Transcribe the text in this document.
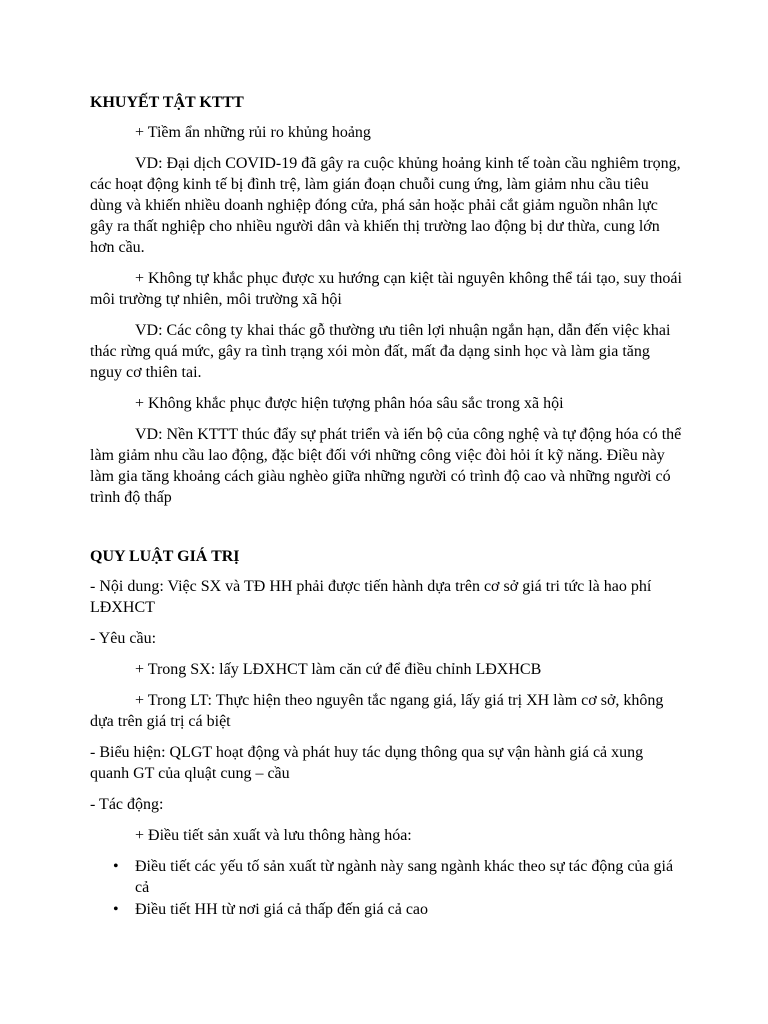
KHUYẾT TẬT KTTT
+ Tiềm ẩn những rủi ro khủng hoảng
VD: Đại dịch COVID-19 đã gây ra cuộc khủng hoảng kinh tế toàn cầu nghiêm trọng, các hoạt động kinh tế bị đình trệ, làm gián đoạn chuỗi cung ứng, làm giảm nhu cầu tiêu dùng và khiến nhiều doanh nghiệp đóng cửa, phá sản hoặc phải cắt giảm nguồn nhân lực gây ra thất nghiệp cho nhiều người dân và khiến thị trường lao động bị dư thừa, cung lớn hơn cầu.
+ Không tự khắc phục được xu hướng cạn kiệt tài nguyên không thể tái tạo, suy thoái môi trường tự nhiên, môi trường xã hội
VD: Các công ty khai thác gỗ thường ưu tiên lợi nhuận ngắn hạn, dẫn đến việc khai thác rừng quá mức, gây ra tình trạng xói mòn đất, mất đa dạng sinh học và làm gia tăng nguy cơ thiên tai.
+ Không khắc phục được hiện tượng phân hóa sâu sắc trong xã hội
VD: Nền KTTT thúc đẩy sự phát triển và iến bộ của công nghệ và tự động hóa có thể làm giảm nhu cầu lao động, đặc biệt đối với những công việc đòi hỏi ít kỹ năng. Điều này làm gia tăng khoảng cách giàu nghèo giữa những người có trình độ cao và những người có trình độ thấp
QUY LUẬT GIÁ TRỊ
- Nội dung: Việc SX và TĐ HH phải được tiến hành dựa trên cơ sở giá tri tức là hao phí LĐXHCT
- Yêu cầu:
+ Trong SX: lấy LĐXHCT làm căn cứ để điều chỉnh LĐXHCB
+ Trong LT: Thực hiện theo nguyên tắc ngang giá, lấy giá trị XH làm cơ sở, không dựa trên giá trị cá biệt
- Biểu hiện: QLGT hoạt động và phát huy tác dụng thông qua sự vận hành giá cả xung quanh GT của qluật cung – cầu
- Tác động:
+ Điều tiết sản xuất và lưu thông hàng hóa:
• Điều tiết các yếu tố sản xuất từ ngành này sang ngành khác theo sự tác động của giá cả
• Điều tiết HH từ nơi giá cả thấp đến giá cả cao
